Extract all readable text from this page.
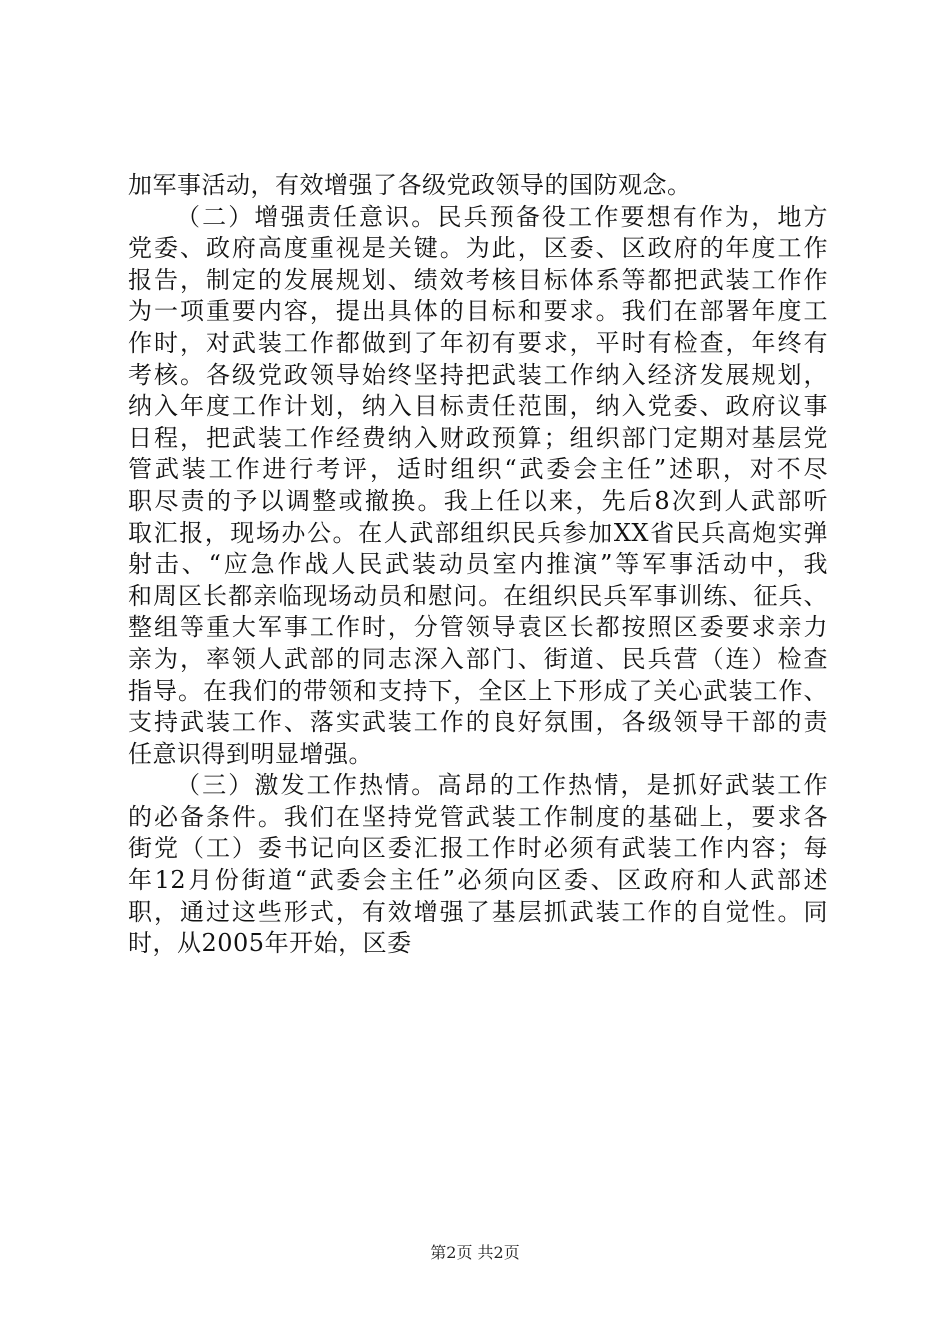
加军事活动，有效增强了各级党政领导的国防观念。
（二）增强责任意识。民兵预备役工作要想有作为，地方
党委、政府高度重视是关键。为此，区委、区政府的年度工作
报告，制定的发展规划、绩效考核目标体系等都把武装工作作
为一项重要内容，提出具体的目标和要求。我们在部署年度工
作时，对武装工作都做到了年初有要求，平时有检查，年终有
考核。各级党政领导始终坚持把武装工作纳入经济发展规划，
纳入年度工作计划，纳入目标责任范围，纳入党委、政府议事
日程，把武装工作经费纳入财政预算；组织部门定期对基层党
管武装工作进行考评，适时组织“武委会主任”述职，对不尽
职尽责的予以调整或撤换。我上任以来，先后8次到人武部听
取汇报，现场办公。在人武部组织民兵参加XX省民兵高炮实弹
射击、“应急作战人民武装动员室内推演”等军事活动中，我
和周区长都亲临现场动员和慰问。在组织民兵军事训练、征兵、
整组等重大军事工作时，分管领导袁区长都按照区委要求亲力
亲为，率领人武部的同志深入部门、街道、民兵营（连）检查
指导。在我们的带领和支持下，全区上下形成了关心武装工作、
支持武装工作、落实武装工作的良好氛围，各级领导干部的责
任意识得到明显增强。
（三）激发工作热情。高昂的工作热情，是抓好武装工作
的必备条件。我们在坚持党管武装工作制度的基础上，要求各
街党（工）委书记向区委汇报工作时必须有武装工作内容；每
年12月份街道“武委会主任”必须向区委、区政府和人武部述
职，通过这些形式，有效增强了基层抓武装工作的自觉性。同
时，从2005年开始，区委
第2页 共2页
